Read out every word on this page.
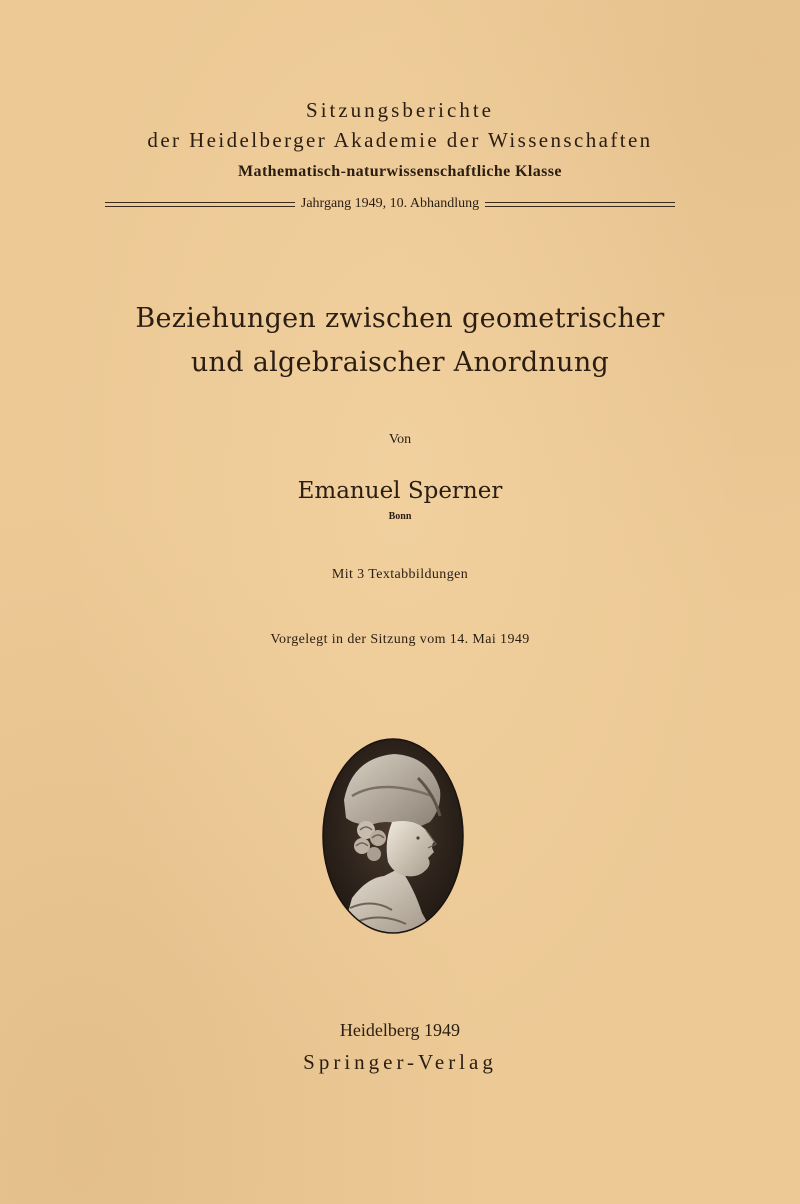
Sitzungsberichte
der Heidelberger Akademie der Wissenschaften
Mathematisch-naturwissenschaftliche Klasse
Jahrgang 1949, 10. Abhandlung
Beziehungen zwischen geometrischer
und algebraischer Anordnung
Von
Emanuel Sperner
Bonn
Mit 3 Textabbildungen
Vorgelegt in der Sitzung vom 14. Mai 1949
Heidelberg 1949
Springer-Verlag
